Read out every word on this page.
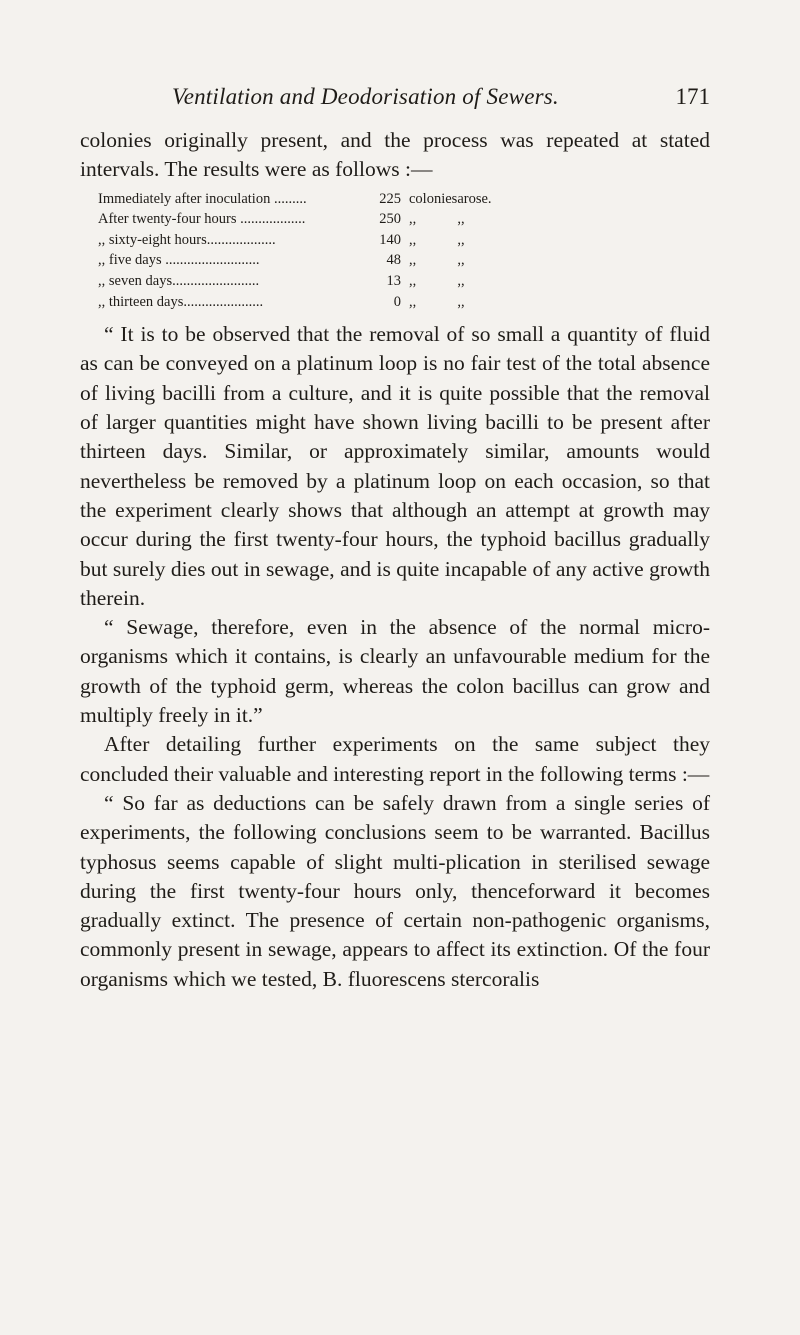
Ventilation and Deodorisation of Sewers.	171

colonies originally present, and the process was repeated at stated intervals. The results were as follows :—

Immediately after inoculation .........	225	colonies	arose.
After twenty-four hours ..................	250	,,	,,
,, sixty-eight hours...................	140	,,	,,
,, five days ..........................	48	,,	,,
,, seven days........................	13	,,	,,
,, thirteen days......................	0	,,	,,

“ It is to be observed that the removal of so small a quantity of fluid as can be conveyed on a platinum loop is no fair test of the total absence of living bacilli from a culture, and it is quite possible that the removal of larger quantities might have shown living bacilli to be present after thirteen days. Similar, or approximately similar, amounts would nevertheless be removed by a platinum loop on each occasion, so that the experiment clearly shows that although an attempt at growth may occur during the first twenty-four hours, the typhoid bacillus gradually but surely dies out in sewage, and is quite incapable of any active growth therein.

“ Sewage, therefore, even in the absence of the normal micro-organisms which it contains, is clearly an unfavourable medium for the growth of the typhoid germ, whereas the colon bacillus can grow and multiply freely in it.”

After detailing further experiments on the same subject they concluded their valuable and interesting report in the following terms :—

“ So far as deductions can be safely drawn from a single series of experiments, the following conclusions seem to be warranted. Bacillus typhosus seems capable of slight multi-plication in sterilised sewage during the first twenty-four hours only, thenceforward it becomes gradually extinct. The presence of certain non-pathogenic organisms, commonly present in sewage, appears to affect its extinction. Of the four organisms which we tested, B. fluorescens stercoralis
